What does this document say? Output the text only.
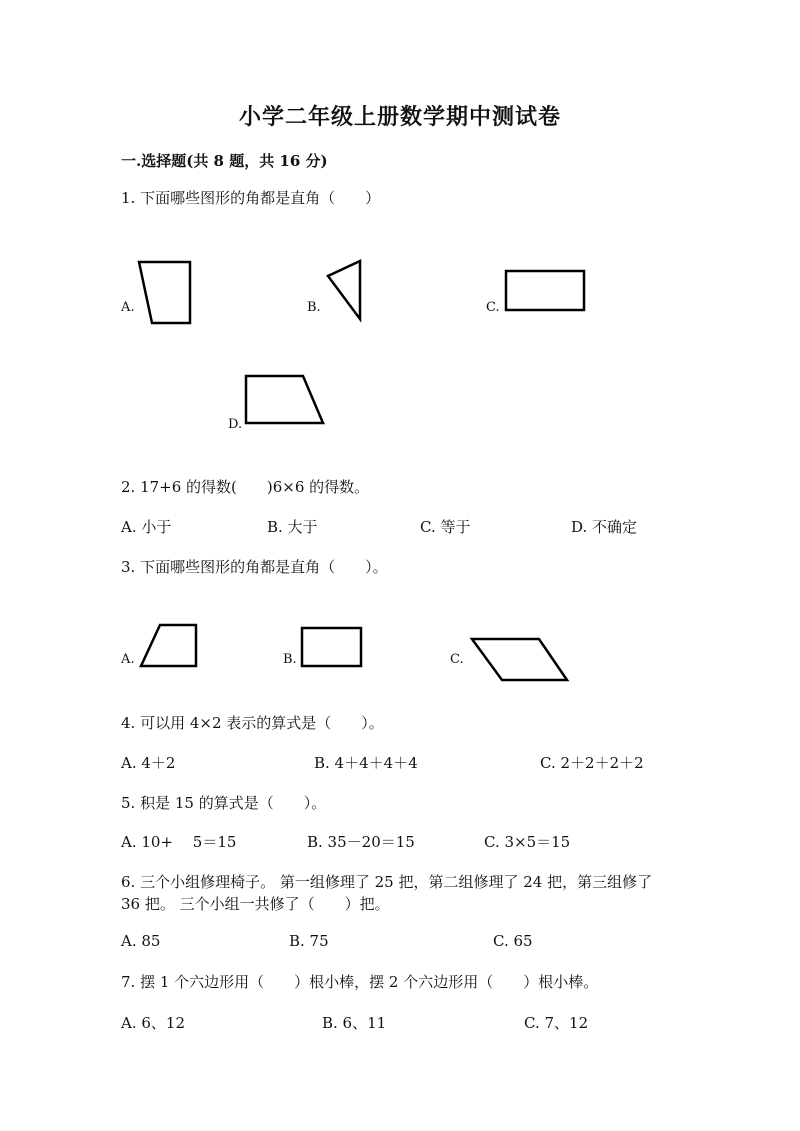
小学二年级上册数学期中测试卷
一.选择题(共 8 题，共 16 分)
1. 下面哪些图形的角都是直角（　　）
A.	B.	C.
D.
2. 17+6 的得数(　　)6×6 的得数。
A. 小于	B. 大于	C. 等于	D. 不确定
3. 下面哪些图形的角都是直角（　　）。
A.	B.	C.
4. 可以用 4×2 表示的算式是（　　）。
A. 4＋2	B. 4＋4＋4＋4	C. 2＋2＋2＋2
5. 积是 15 的算式是（　　）。
A. 10+　 5＝15	B. 35－20＝15	C. 3×5＝15
6. 三个小组修理椅子。 第一组修理了 25 把，第二组修理了 24 把，第三组修了
36 把。 三个小组一共修了（　　）把。
A. 85	B. 75	C. 65
7. 摆 1 个六边形用（　　）根小棒，摆 2 个六边形用（　　）根小棒。
A. 6、12	B. 6、11	C. 7、12
